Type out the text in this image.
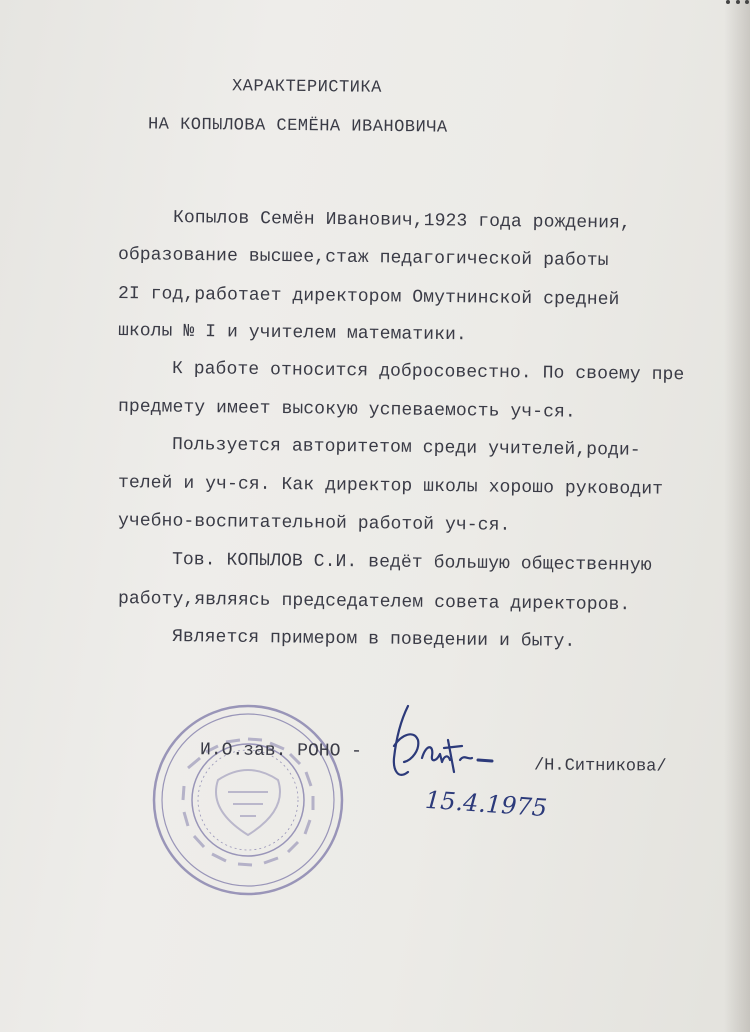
ХАРАКТЕРИСТИКА
НА КОПЫЛОВА СЕМЁНА ИВАНОВИЧА

Копылов Семён Иванович,1923 года рождения,

образование высшее,стаж педагогической работы

2I год,работает директором Омутнинской средней

школы № I и учителем математики.

К работе относится добросовестно. По своему пре

предмету имеет высокую успеваемость уч-ся.

Пользуется авторитетом среди учителей,роди-

телей и уч-ся. Как директор школы хорошо руководит

учебно-воспитательной работой уч-ся.

Тов. КОПЫЛОВ С.И. ведёт большую общественную

работу,являясь председателем совета директоров.

Является примером в поведении и быту.

И.О.зав. РОНО -
/Н.Ситникова/
15.4.1975
